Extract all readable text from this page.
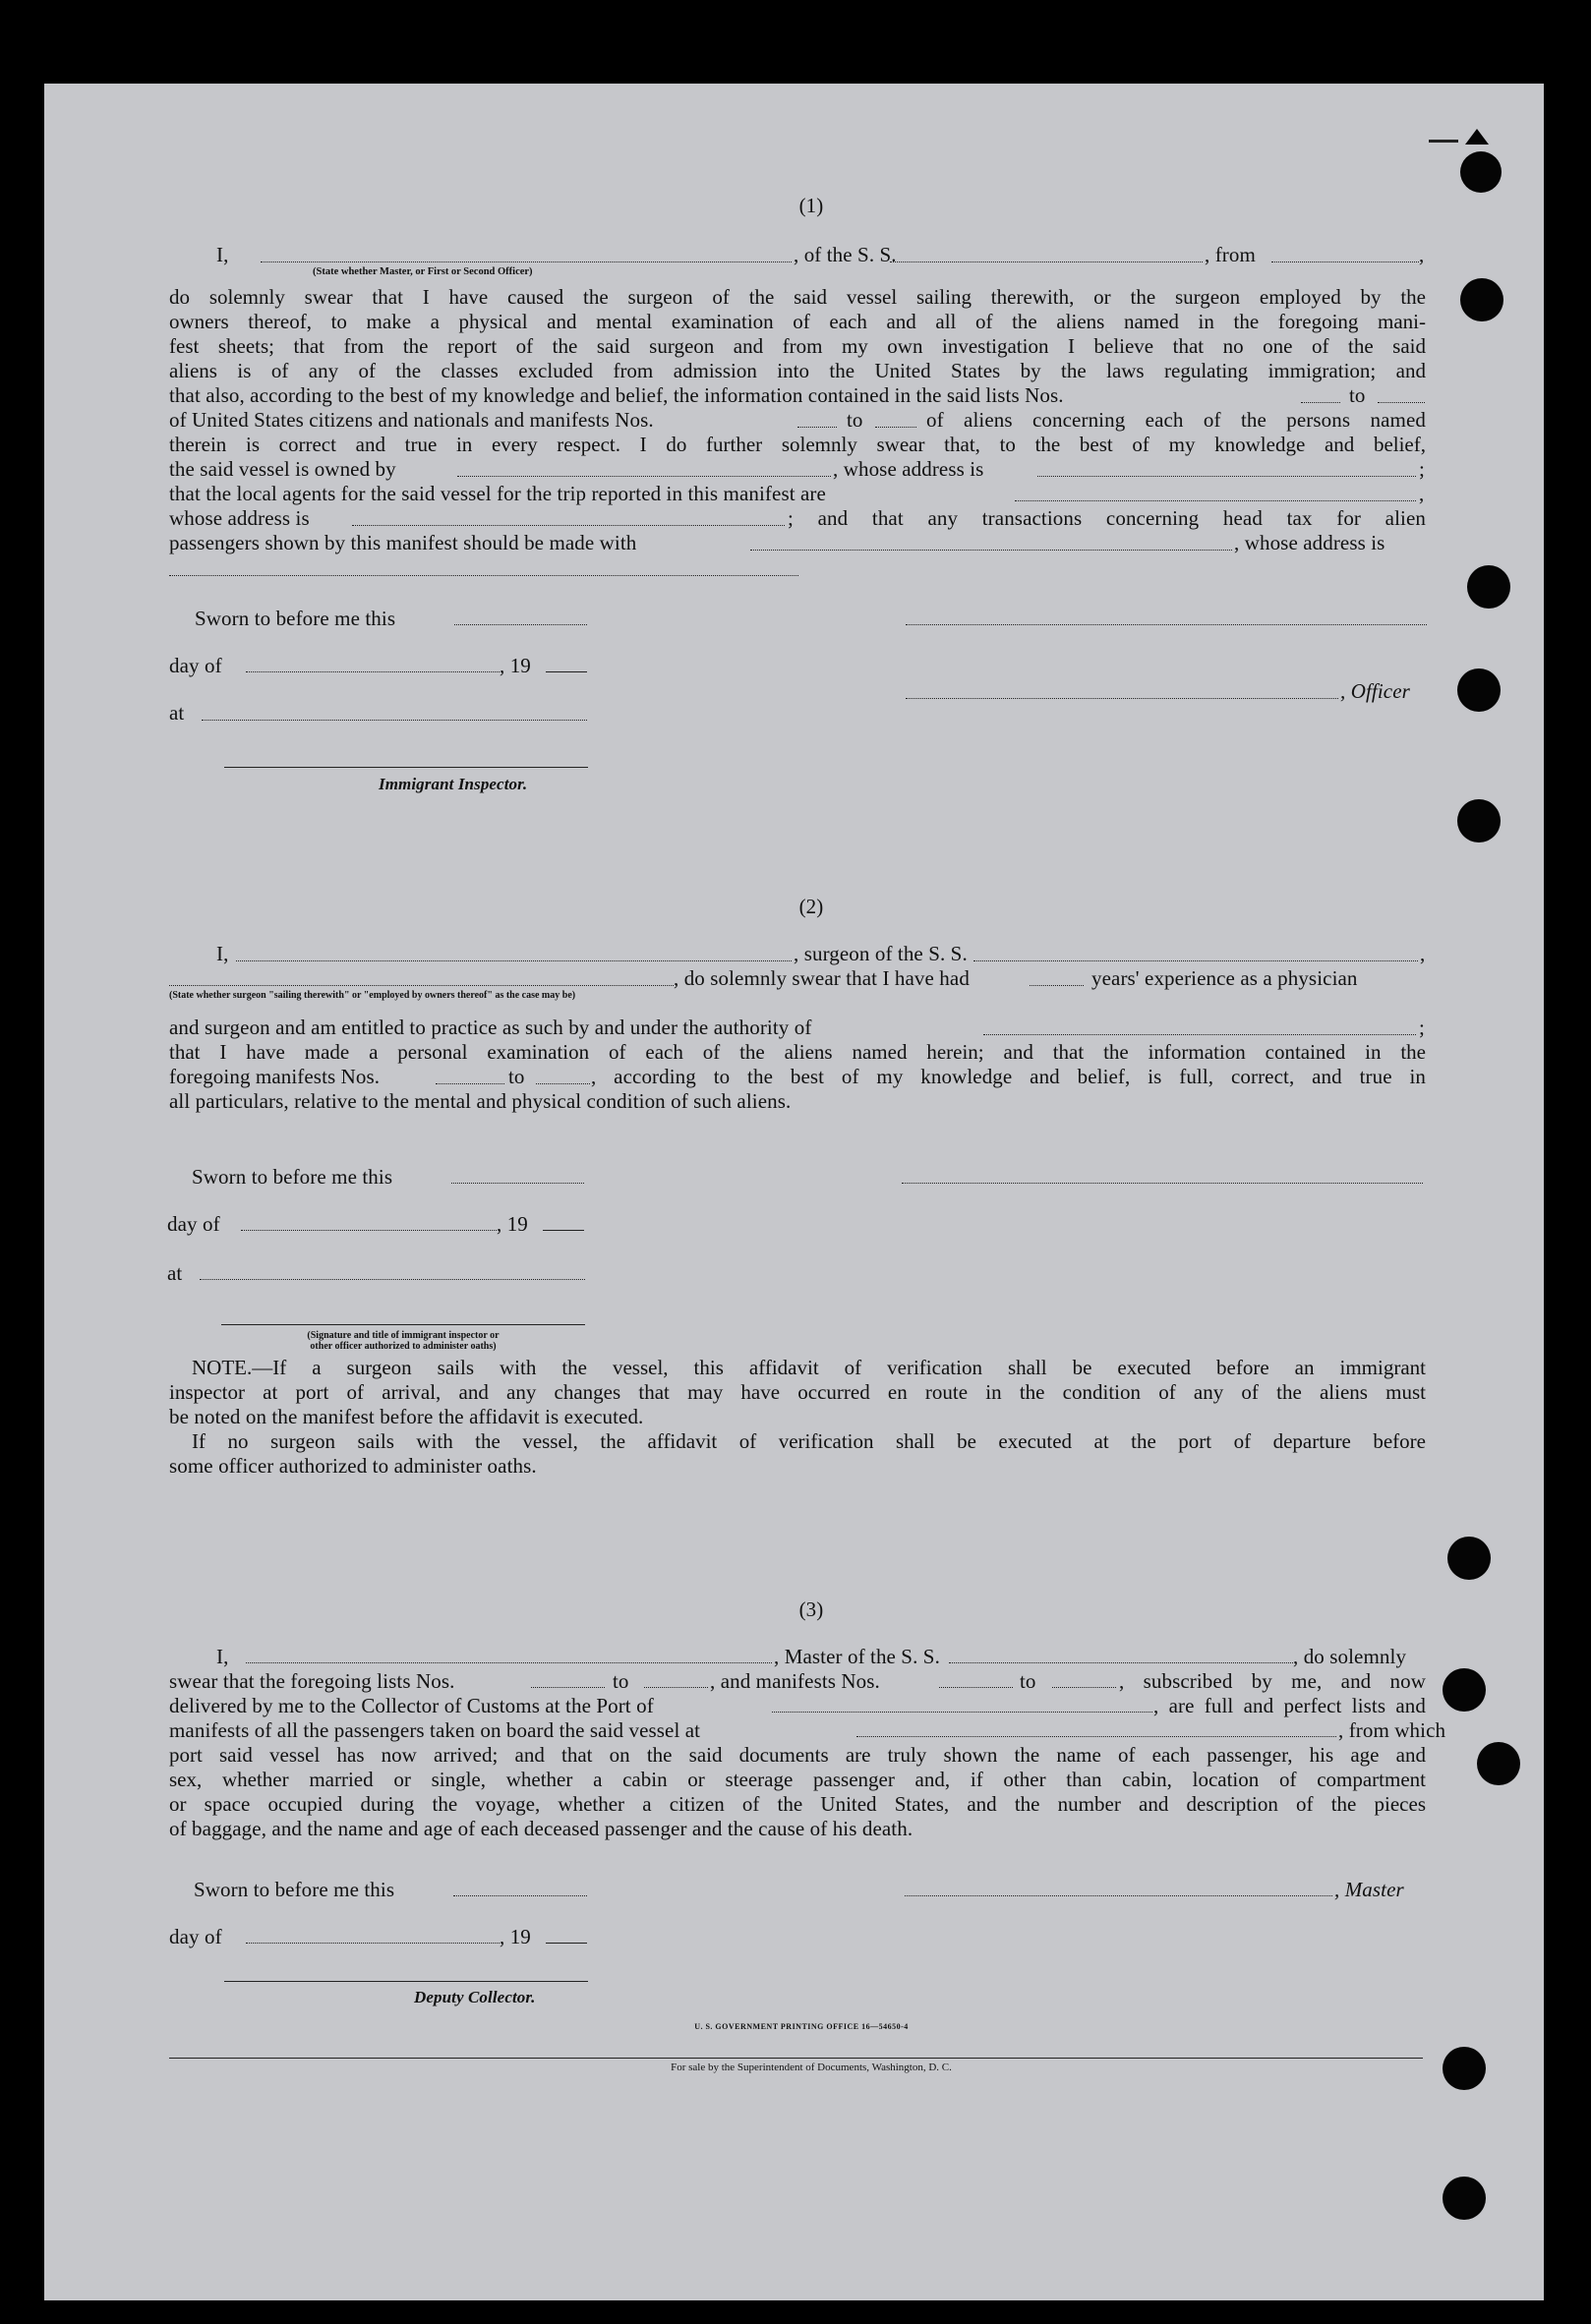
(1)
I,	, of the S. S.	, from	,
(State whether Master, or First or Second Officer)
do solemnly swear that I have caused the surgeon of the said vessel sailing therewith, or the surgeon employed by the
owners thereof, to make a physical and mental examination of each and all of the aliens named in the foregoing mani-
fest sheets; that from the report of the said surgeon and from my own investigation I believe that no one of the said
aliens is of any of the classes excluded from admission into the United States by the laws regulating immigration; and
that also, according to the best of my knowledge and belief, the information contained in the said lists Nos.	to
of United States citizens and nationals and manifests Nos.	to	of aliens concerning each of the persons named
therein is correct and true in every respect. I do further solemnly swear that, to the best of my knowledge and belief,
the said vessel is owned by	, whose address is	;
that the local agents for the said vessel for the trip reported in this manifest are	,
whose address is	; and that any transactions concerning head tax for alien
passengers shown by this manifest should be made with	, whose address is
Sworn to before me this
day of	, 19
, Officer
at
Immigrant Inspector.
(2)
I,	, surgeon of the S. S.	,
, do solemnly swear that I have had	years' experience as a physician
(State whether surgeon "sailing therewith" or "employed by owners thereof" as the case may be)
and surgeon and am entitled to practice as such by and under the authority of	;
that I have made a personal examination of each of the aliens named herein; and that the information contained in the
foregoing manifests Nos.	to	, according to the best of my knowledge and belief, is full, correct, and true in
all particulars, relative to the mental and physical condition of such aliens.
Sworn to before me this
day of	, 19
at
(Signature and title of immigrant inspector or
other officer authorized to administer oaths)
NOTE.—If a surgeon sails with the vessel, this affidavit of verification shall be executed before an immigrant
inspector at port of arrival, and any changes that may have occurred en route in the condition of any of the aliens must
be noted on the manifest before the affidavit is executed.
If no surgeon sails with the vessel, the affidavit of verification shall be executed at the port of departure before
some officer authorized to administer oaths.
(3)
I,	, Master of the S. S.	, do solemnly
swear that the foregoing lists Nos.	to	, and manifests Nos.	to	, subscribed by me, and now
delivered by me to the Collector of Customs at the Port of	, are full and perfect lists and
manifests of all the passengers taken on board the said vessel at	, from which
port said vessel has now arrived; and that on the said documents are truly shown the name of each passenger, his age and
sex, whether married or single, whether a cabin or steerage passenger and, if other than cabin, location of compartment
or space occupied during the voyage, whether a citizen of the United States, and the number and description of the pieces
of baggage, and the name and age of each deceased passenger and the cause of his death.
Sworn to before me this	, Master
day of	, 19
Deputy Collector.
U. S. GOVERNMENT PRINTING OFFICE 16—54650-4
For sale by the Superintendent of Documents, Washington, D. C.
